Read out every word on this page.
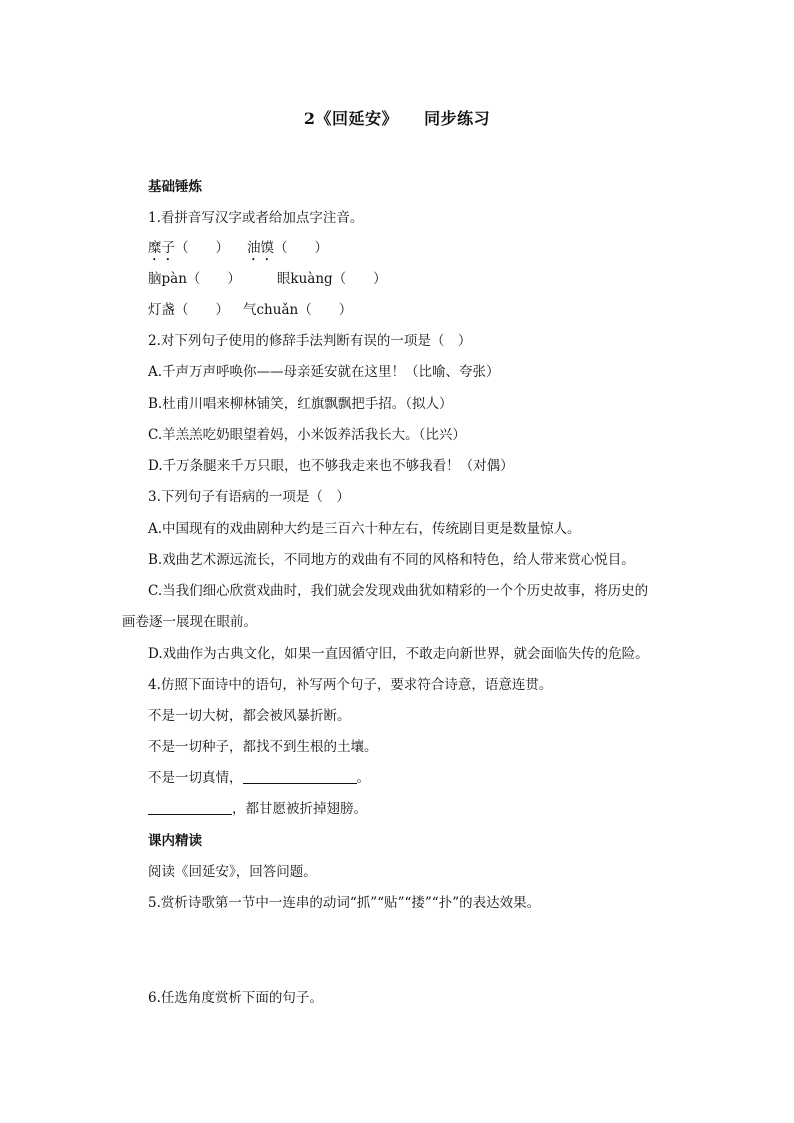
2《回延安》 同步练习
基础锤炼
1.看拼音写汉字或者给加点字注音。
糜子（　　） 油馍（　　）
脑pàn（　　）	眼kuàng（　　）
灯盏（　　） 气chuǎn（　　）
2.对下列句子使用的修辞手法判断有误的一项是（　）
A.千声万声呼唤你——母亲延安就在这里！（比喻、夸张）
B.杜甫川唱来柳林铺笑，红旗飘飘把手招。（拟人）
C.羊羔羔吃奶眼望着妈，小米饭养活我长大。（比兴）
D.千万条腿来千万只眼，也不够我走来也不够我看！（对偶）
3.下列句子有语病的一项是（　）
A.中国现有的戏曲剧种大约是三百六十种左右，传统剧目更是数量惊人。
B.戏曲艺术源远流长，不同地方的戏曲有不同的风格和特色，给人带来赏心悦目。
C.当我们细心欣赏戏曲时，我们就会发现戏曲犹如精彩的一个个历史故事，将历史的
画卷逐一展现在眼前。
D.戏曲作为古典文化，如果一直因循守旧，不敢走向新世界，就会面临失传的危险。
4.仿照下面诗中的语句，补写两个句子，要求符合诗意，语意连贯。
不是一切大树，都会被风暴折断。
不是一切种子，都找不到生根的土壤。
不是一切真情，	。
，都甘愿被折掉翅膀。
课内精读
阅读《回延安》，回答问题。
5.赏析诗歌第一节中一连串的动词“抓”“贴”“搂”“扑”的表达效果。
6.任选角度赏析下面的句子。
